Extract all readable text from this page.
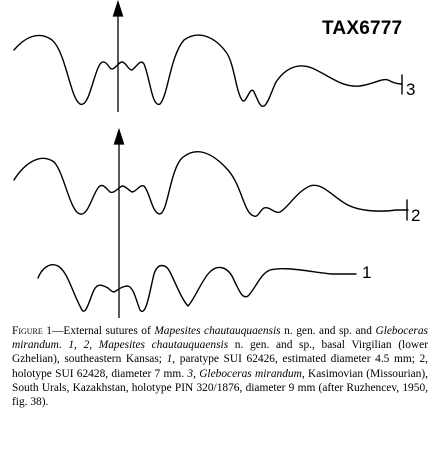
TAX6777
3
2
1
Figure 1—External sutures of Mapesites chautauquaensis n. gen. and sp. and Gleboceras mirandum. 1, 2, Mapesites chautauquaensis n. gen. and sp., basal Virgilian (lower Gzhelian), southeastern Kansas; 1, paratype SUI 62426, estimated diameter 4.5 mm; 2, holotype SUI 62428, diameter 7 mm. 3, Gleboceras mirandum, Kasimovian (Missourian), South Urals, Kazakhstan, holotype PIN 320/1876, diameter 9 mm (after Ruzhencev, 1950, fig. 38).
